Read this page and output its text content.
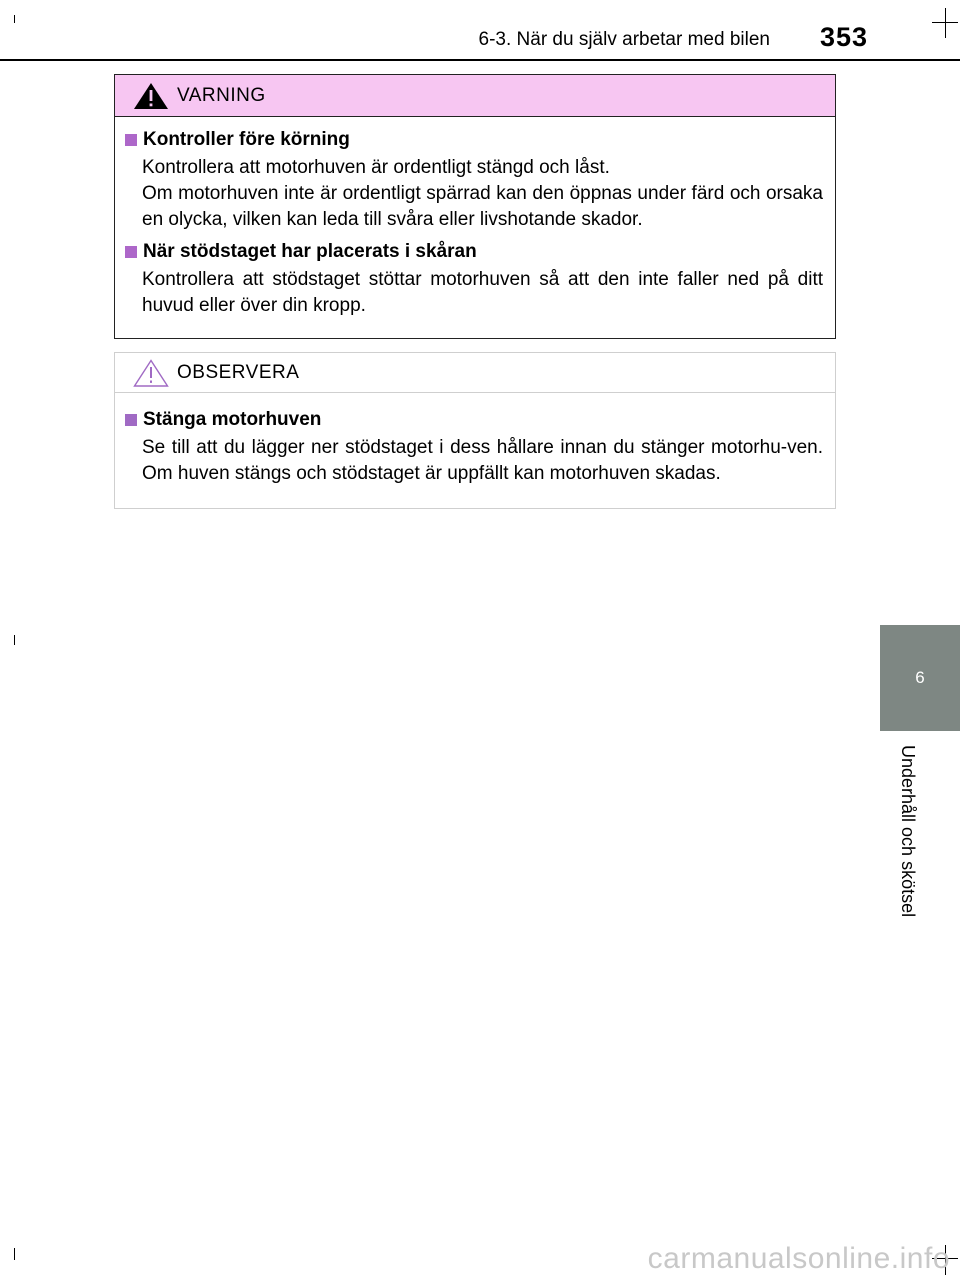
6-3. När du själv arbetar med bilen 353
VARNING
Kontroller före körning
Kontrollera att motorhuven är ordentligt stängd och låst.
Om motorhuven inte är ordentligt spärrad kan den öppnas under färd och orsaka en olycka, vilken kan leda till svåra eller livshotande skador.
När stödstaget har placerats i skåran
Kontrollera att stödstaget stöttar motorhuven så att den inte faller ned på ditt huvud eller över din kropp.
OBSERVERA
Stänga motorhuven
Se till att du lägger ner stödstaget i dess hållare innan du stänger motorhu-ven. Om huven stängs och stödstaget är uppfällt kan motorhuven skadas.
6
Underhåll och skötsel
carmanualsonline.info
